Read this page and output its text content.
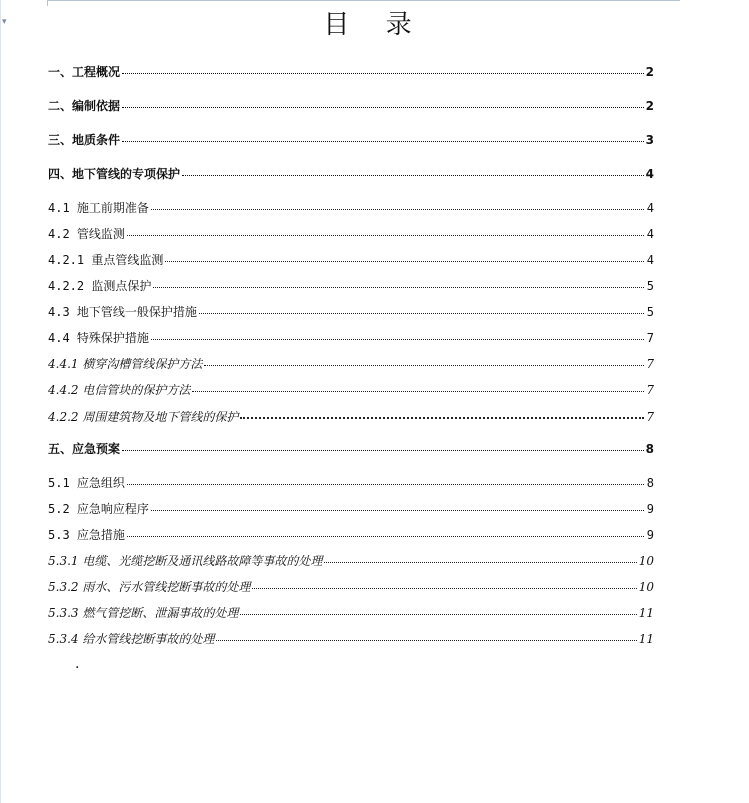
▾	目 录
一、工程概况	2
二、编制依据	2
三、地质条件	3
四、地下管线的专项保护	4
4.1 施工前期准备	4
4.2 管线监测	4
4.2.1 重点管线监测	4
4.2.2 监测点保护	5
4.3 地下管线一般保护措施	5
4.4 特殊保护措施	7
4.4.1 横穿沟槽管线保护方法	7
4.4.2 电信管块的保护方法	7
4.2.2 周围建筑物及地下管线的保护	7
五、应急预案	8
5.1 应急组织	8
5.2 应急响应程序	9
5.3 应急措施	9
5.3.1 电缆、光缆挖断及通讯线路故障等事故的处理	10
5.3.2 雨水、污水管线挖断事故的处理	10
5.3.3 燃气管挖断、泄漏事故的处理	11
5.3.4 给水管线挖断事故的处理	11
.
